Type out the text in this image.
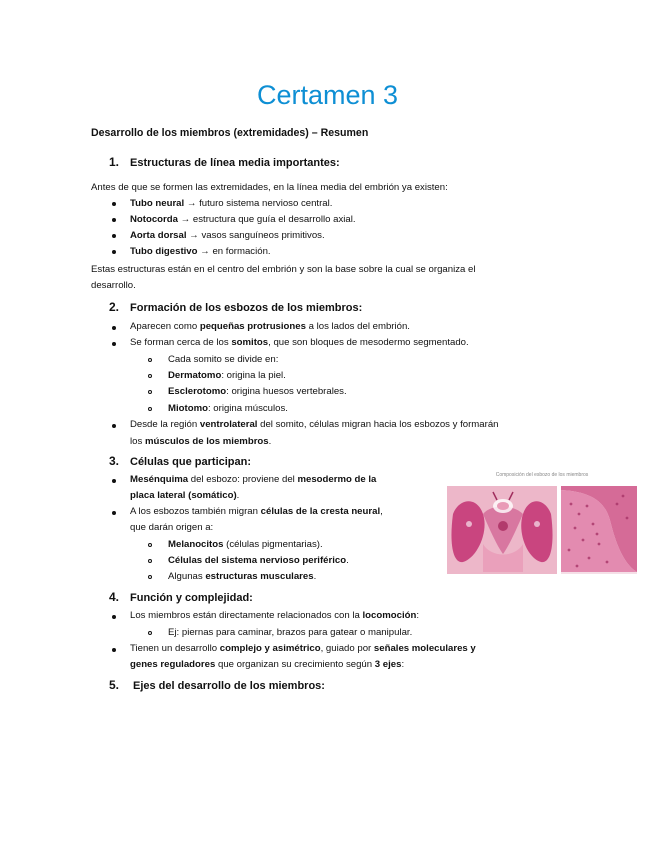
Certamen 3
Desarrollo de los miembros (extremidades) – Resumen
1. Estructuras de línea media importantes:
Antes de que se formen las extremidades, en la línea media del embrión ya existen:
Tubo neural → futuro sistema nervioso central.
Notocorda → estructura que guía el desarrollo axial.
Aorta dorsal → vasos sanguíneos primitivos.
Tubo digestivo → en formación.
Estas estructuras están en el centro del embrión y son la base sobre la cual se organiza el
desarrollo.
2. Formación de los esbozos de los miembros:
Aparecen como pequeñas protrusiones a los lados del embrión.
Se forman cerca de los somitos, que son bloques de mesodermo segmentado.
Cada somito se divide en:
Dermatomo: origina la piel.
Esclerotomo: origina huesos vertebrales.
Miotomo: origina músculos.
Desde la región ventrolateral del somito, células migran hacia los esbozos y formarán
los músculos de los miembros.
3. Células que participan:
Mesénquima del esbozo: proviene del mesodermo de la
placa lateral (somático).
A los esbozos también migran células de la cresta neural,
que darán origen a:
Melanocitos (células pigmentarias).
Células del sistema nervioso periférico.
Algunas estructuras musculares.
4. Función y complejidad:
Los miembros están directamente relacionados con la locomoción:
Ej: piernas para caminar, brazos para gatear o manipular.
Tienen un desarrollo complejo y asimétrico, guiado por señales moleculares y
genes reguladores que organizan su crecimiento según 3 ejes:
5. Ejes del desarrollo de los miembros:
Composición del esbozo de los miembros
